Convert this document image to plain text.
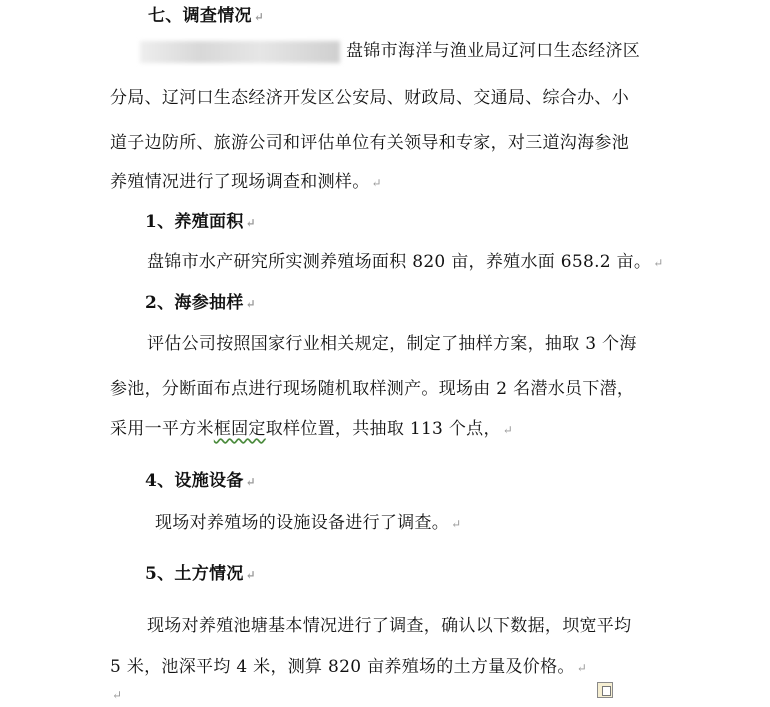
七、调查情况 ↵
盘锦市海洋与渔业局辽河口生态经济区
分局、辽河口生态经济开发区公安局、财政局、交通局、综合办、小
道子边防所、旅游公司和评估单位有关领导和专家，对三道沟海参池
养殖情况进行了现场调查和测样。 ↵
1、养殖面积 ↵
盘锦市水产研究所实测养殖场面积 820 亩，养殖水面 658.2 亩。 ↵
2、海参抽样 ↵
评估公司按照国家行业相关规定，制定了抽样方案，抽取 3 个海
参池，分断面布点进行现场随机取样测产。现场由 2 名潜水员下潜，
采用一平方米框固定取样位置，共抽取 113 个点， ↵
4、设施设备 ↵
现场对养殖场的设施设备进行了调查。 ↵
5、土方情况 ↵
现场对养殖池塘基本情况进行了调查，确认以下数据，坝宽平均
5 米，池深平均 4 米，测算 820 亩养殖场的土方量及价格。 ↵
↵
